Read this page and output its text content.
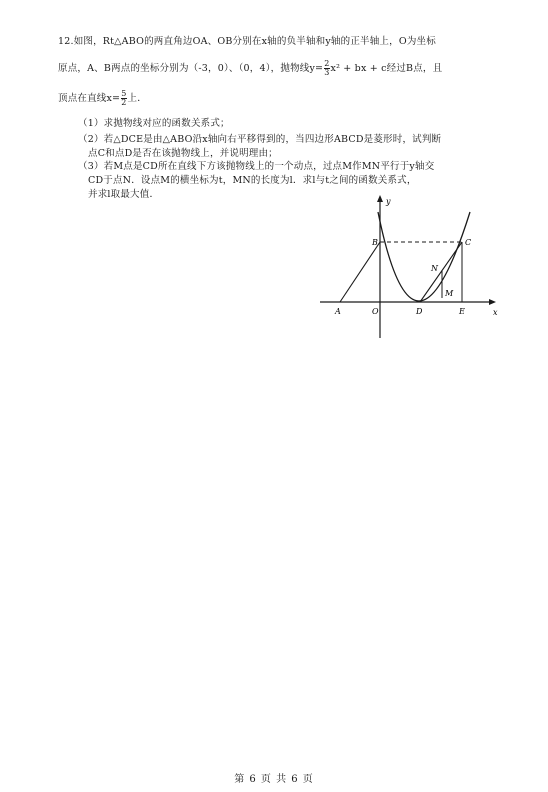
12.如图，Rt△ABO的两直角边OA、OB分别在x轴的负半轴和y轴的正半轴上，O为坐标
原点，A、B两点的坐标分别为（-3，0）、（0，4），抛物线$y= \frac{2}{3} x^2$ + bx + c经过B点，且
顶点在直线$x= \frac{5}{2}$ 上．
（1）求抛物线对应的函数关系式；
（2）若△DCE是由△ABO沿x轴向右平移得到的，当四边形ABCD是菱形时，试判断
点C和点D是否在该抛物线上，并说明理由；
（3）若M点是CD所在直线下方该抛物线上的一个动点，过点M作MN平行于y轴交
CD于点N．设点M的横坐标为t，MN的长度为l．求l与t之间的函数关系式，
并求l取最大值．
y
x
A	O	D	E
B	C
N
M
第 6 页 共 6 页
